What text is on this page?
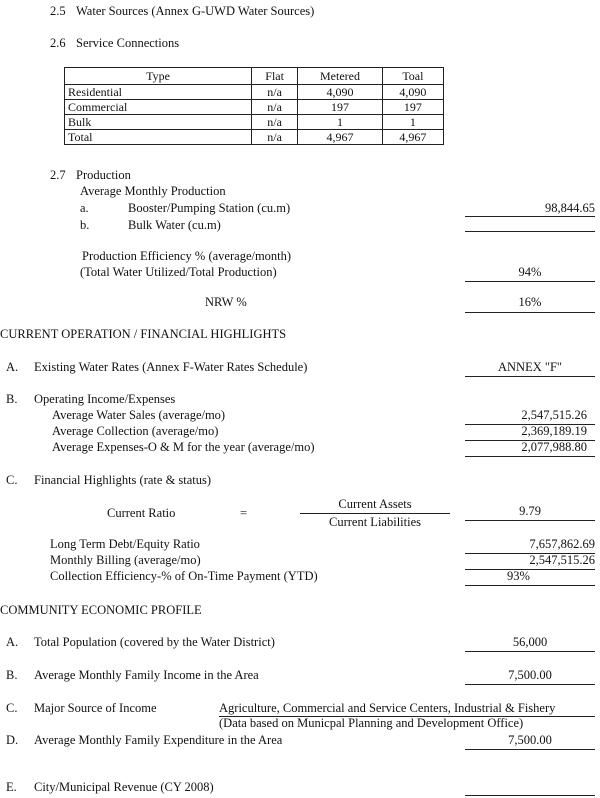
2.5 Water Sources (Annex G-UWD Water Sources)
2.6 Service Connections
Type	Flat	Metered	Toal
Residential	n/a	4,090	4,090
Commercial	n/a	197	197
Bulk	n/a	1	1
Total	n/a	4,967	4,967
2.7 Production
Average Monthly Production
a.	Booster/Pumping Station (cu.m)	98,844.65
b.	Bulk Water (cu.m)
Production Efficiency % (average/month)
(Total Water Utilized/Total Production)	94%
NRW %	16%
CURRENT OPERATION / FINANCIAL HIGHLIGHTS
A. Existing Water Rates (Annex F-Water Rates Schedule)	ANNEX "F"
B. Operating Income/Expenses
Average Water Sales (average/mo)	2,547,515.26
Average Collection (average/mo)	2,369,189.19
Average Expenses-O & M for the year (average/mo)	2,077,988.80
C. Financial Highlights (rate & status)
Current Ratio	=
Current Assets
Current Liabilities
9.79
Long Term Debt/Equity Ratio	7,657,862.69
Monthly Billing (average/mo)	2,547,515.26
Collection Efficiency-% of On-Time Payment (YTD)	93%
COMMUNITY ECONOMIC PROFILE
A. Total Population (covered by the Water District)	56,000
B. Average Monthly Family Income in the Area	7,500.00
C. Major Source of Income	Agriculture, Commercial and Service Centers, Industrial & Fishery
(Data based on Municpal Planning and Development Office)
D. Average Monthly Family Expenditure in the Area	7,500.00
E. City/Municipal Revenue (CY 2008)
